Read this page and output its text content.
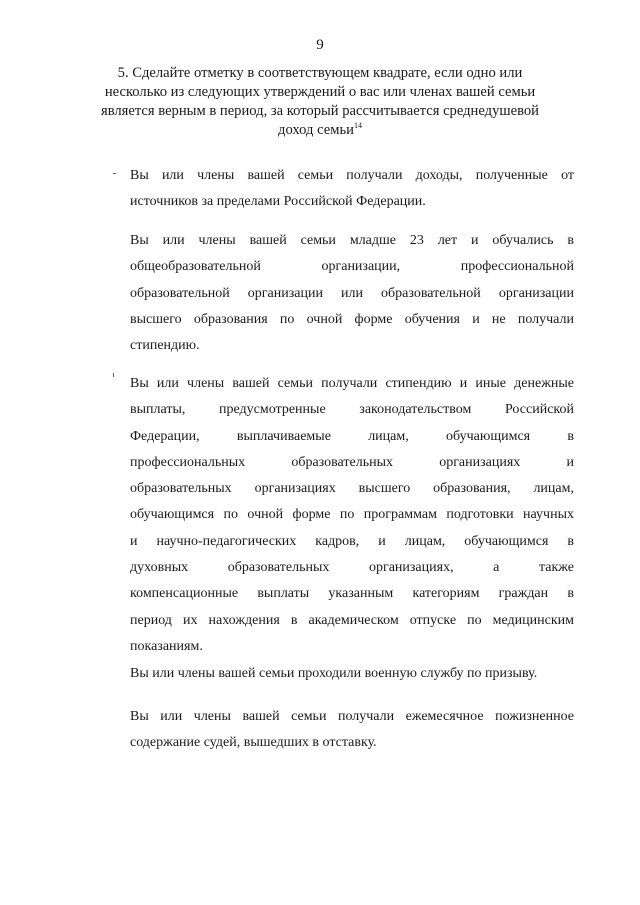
9
5. Сделайте отметку в соответствующем квадрате, если одно или
несколько из следующих утверждений о вас или членах вашей семьи
является верным в период, за который рассчитывается среднедушевой
доход семьи$^{14}$
Вы или члены вашей семьи получали доходы, полученные от
источников за пределами Российской Федерации.
Вы или члены вашей семьи младше 23 лет и обучались в
общеобразовательной организации, профессиональной
образовательной организации или образовательной организации
высшего образования по очной форме обучения и не получали
стипендию.
Вы или члены вашей семьи получали стипендию и иные денежные
выплаты, предусмотренные законодательством Российской
Федерации, выплачиваемые лицам, обучающимся в
профессиональных образовательных организациях и
образовательных организациях высшего образования, лицам,
обучающимся по очной форме по программам подготовки научных
и научно-педагогических кадров, и лицам, обучающимся в
духовных образовательных организациях, а также
компенсационные выплаты указанным категориям граждан в
период их нахождения в академическом отпуске по медицинским
показаниям.
Вы или члены вашей семьи проходили военную службу по призыву.
Вы или члены вашей семьи получали ежемесячное пожизненное
содержание судей, вышедших в отставку.
